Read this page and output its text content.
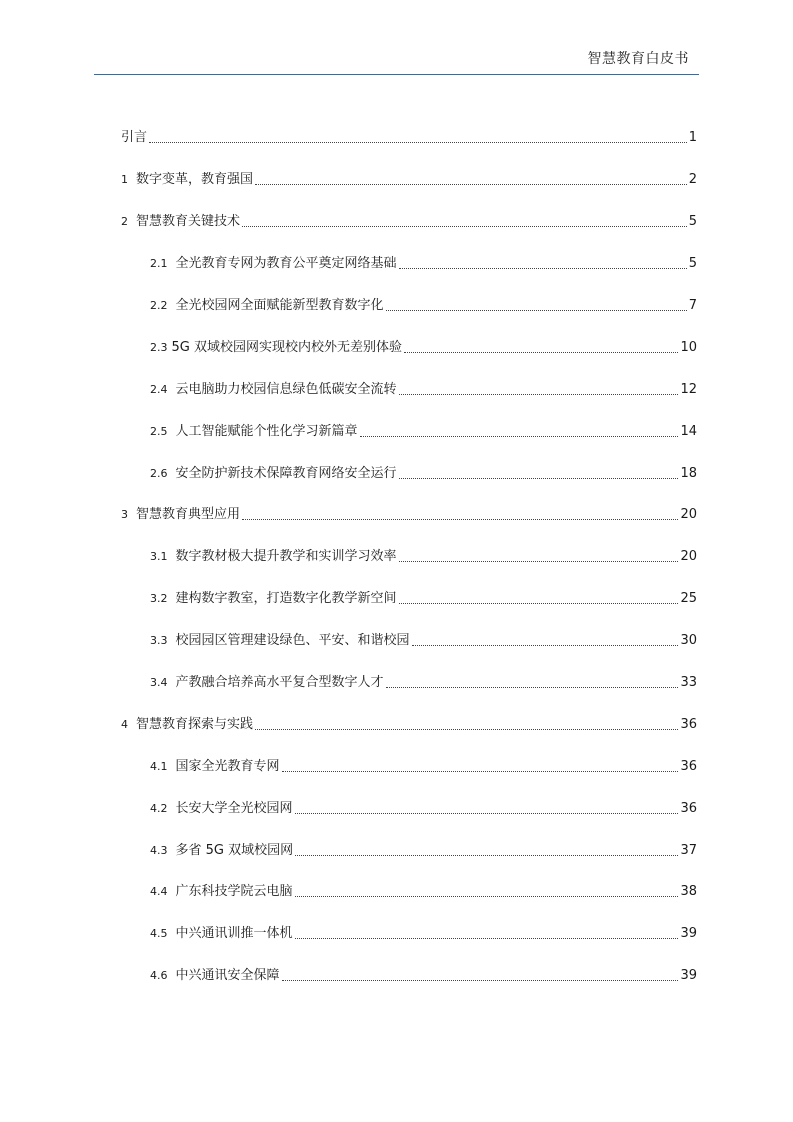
智慧教育白皮书
引言	1
1 数字变革，教育强国	2
2 智慧教育关键技术	5
2.1 全光教育专网为教育公平奠定网络基础	5
2.2 全光校园网全面赋能新型教育数字化	7
2.3 5G 双域校园网实现校内校外无差别体验	10
2.4 云电脑助力校园信息绿色低碳安全流转	12
2.5 人工智能赋能个性化学习新篇章	14
2.6 安全防护新技术保障教育网络安全运行	18
3 智慧教育典型应用	20
3.1 数字教材极大提升教学和实训学习效率	20
3.2 建构数字教室，打造数字化教学新空间	25
3.3 校园园区管理建设绿色、平安、和谐校园	30
3.4 产教融合培养高水平复合型数字人才	33
4 智慧教育探索与实践	36
4.1 国家全光教育专网	36
4.2 长安大学全光校园网	36
4.3 多省 5G 双域校园网	37
4.4 广东科技学院云电脑	38
4.5 中兴通讯训推一体机	39
4.6 中兴通讯安全保障	39
